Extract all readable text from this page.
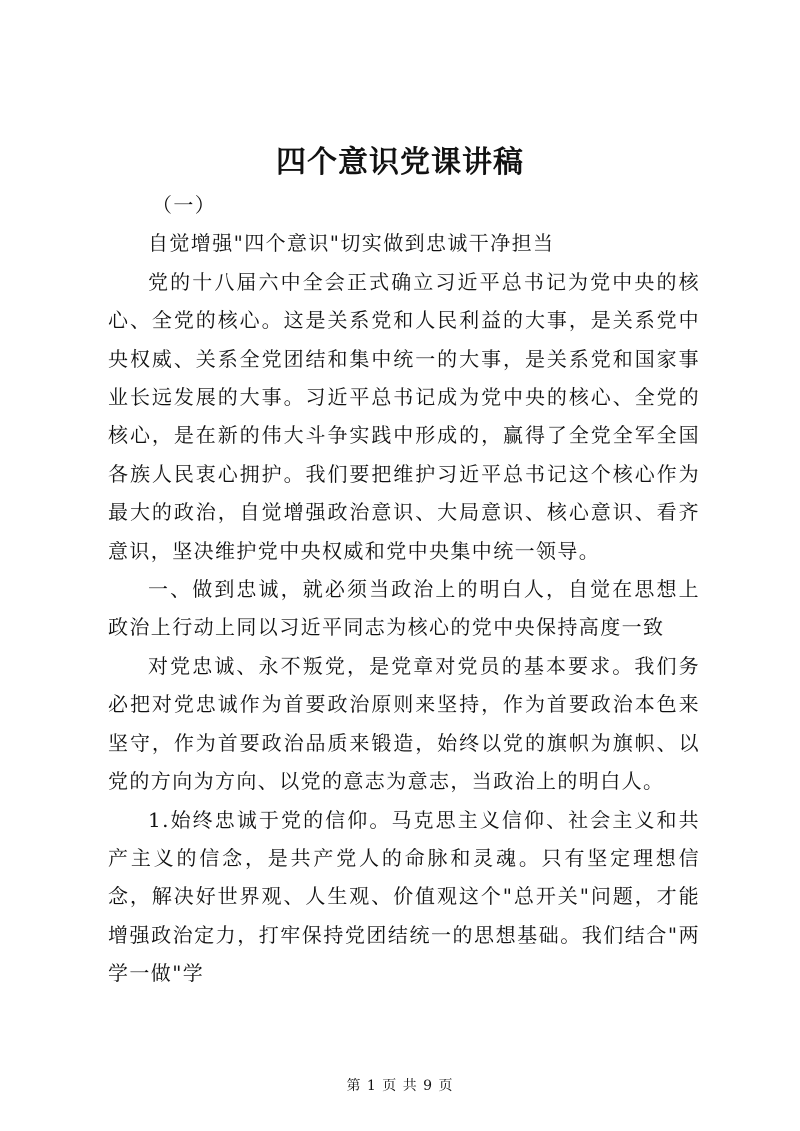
四个意识党课讲稿

（一）

自觉增强"四个意识"切实做到忠诚干净担当

党的十八届六中全会正式确立习近平总书记为党中央的核心、全党的核心。这是关系党和人民利益的大事，是关系党中央权威、关系全党团结和集中统一的大事，是关系党和国家事业长远发展的大事。习近平总书记成为党中央的核心、全党的核心，是在新的伟大斗争实践中形成的，赢得了全党全军全国各族人民衷心拥护。我们要把维护习近平总书记这个核心作为最大的政治，自觉增强政治意识、大局意识、核心意识、看齐意识，坚决维护党中央权威和党中央集中统一领导。

一、做到忠诚，就必须当政治上的明白人，自觉在思想上政治上行动上同以习近平同志为核心的党中央保持高度一致

对党忠诚、永不叛党，是党章对党员的基本要求。我们务必把对党忠诚作为首要政治原则来坚持，作为首要政治本色来坚守，作为首要政治品质来锻造，始终以党的旗帜为旗帜、以党的方向为方向、以党的意志为意志，当政治上的明白人。

1.始终忠诚于党的信仰。马克思主义信仰、社会主义和共产主义的信念，是共产党人的命脉和灵魂。只有坚定理想信念，解决好世界观、人生观、价值观这个"总开关"问题，才能增强政治定力，打牢保持党团结统一的思想基础。我们结合"两学一做"学

第 1 页 共 9 页
